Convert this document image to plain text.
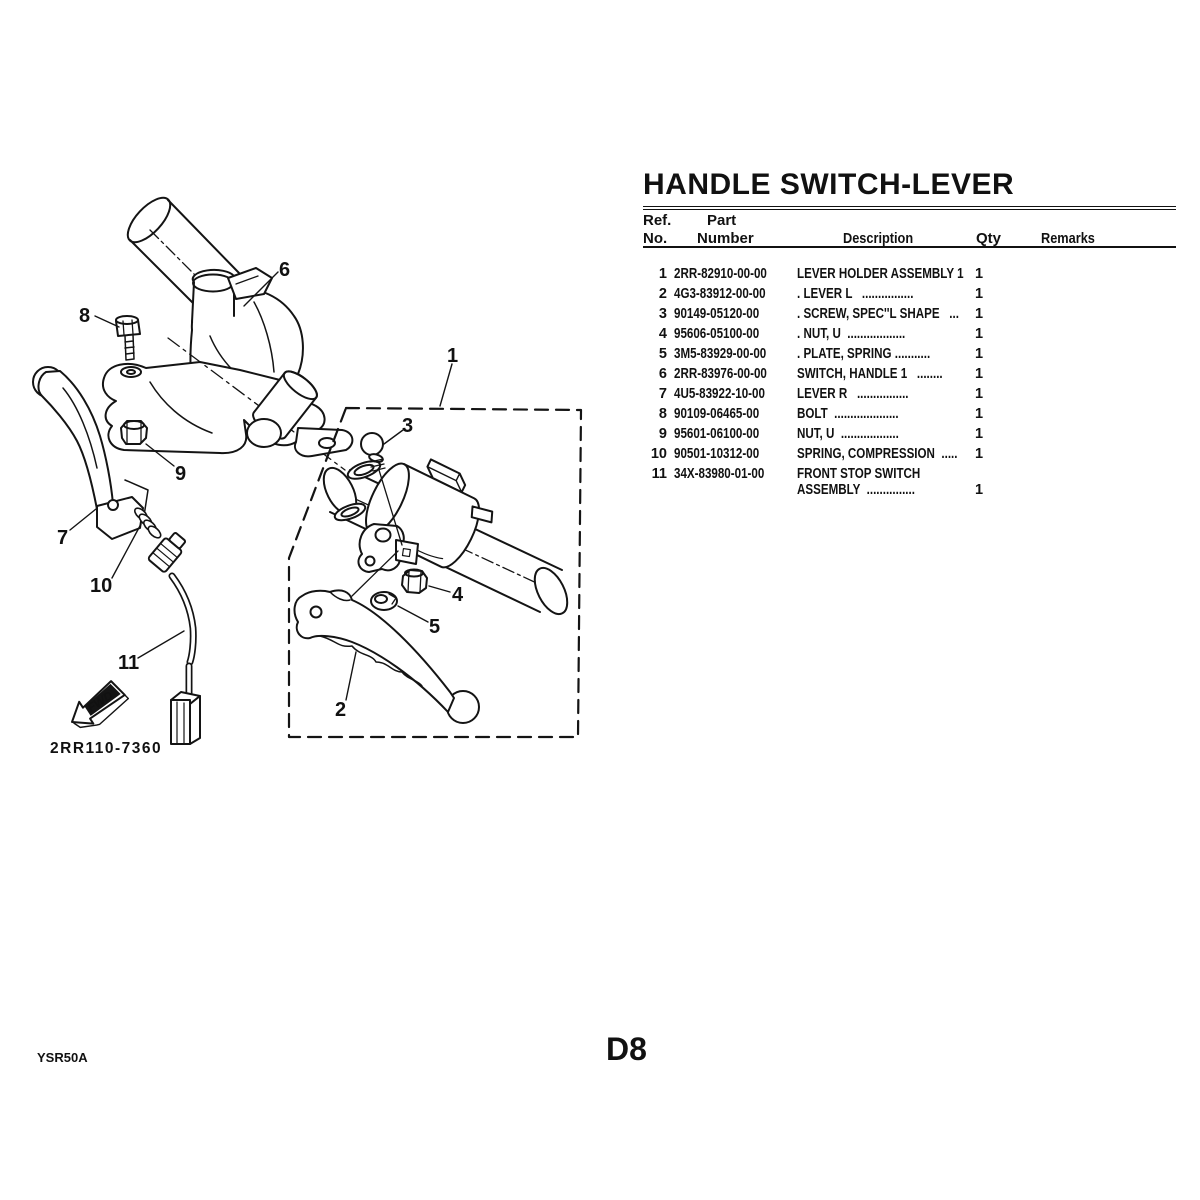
FWD
2RR110-7360
1
2
3
4
5
6
7
8
9
10
11
HANDLE SWITCH-LEVER
Ref.
No.
Part
Number	Description	Qty	Remarks
1 2RR-82910-00-00 LEVER HOLDER ASSEMBLY 1 1
2 4G3-83912-00-00 . LEVER L   ................	1
3 90149-05120-00	. SCREW, SPEC''L SHAPE   ... 1
4 95606-05100-00	. NUT, U  ..................	1
5 3M5-83929-00-00 . PLATE, SPRING ...........	1
6 2RR-83976-00-00 SWITCH, HANDLE 1   ........ 1
7 4U5-83922-10-00 LEVER R   ................	1
8 90109-06465-00	BOLT  ....................	1
9 95601-06100-00	NUT, U  ..................	1
10 90501-10312-00	SPRING, COMPRESSION  ..... 1
11 34X-83980-01-00 FRONT STOP SWITCH
ASSEMBLY  ...............	1
YSR50A	D8
